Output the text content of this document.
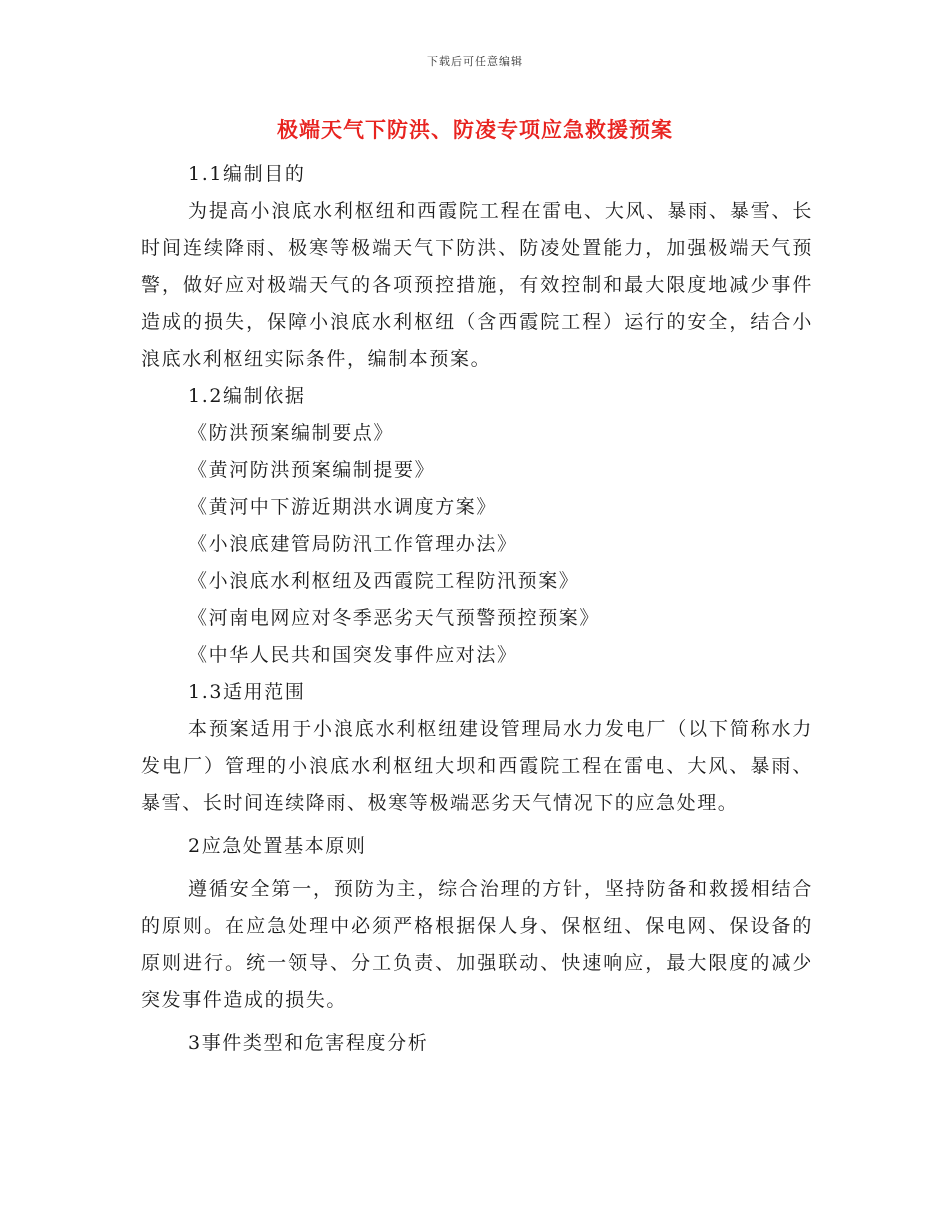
下载后可任意编辑
极端天气下防洪、防凌专项应急救援预案

1.1编制目的

为提高小浪底水利枢纽和西霞院工程在雷电、大风、暴雨、暴雪、长时间连续降雨、极寒等极端天气下防洪、防凌处置能力，加强极端天气预警，做好应对极端天气的各项预控措施，有效控制和最大限度地减少事件造成的损失，保障小浪底水利枢纽（含西霞院工程）运行的安全，结合小浪底水利枢纽实际条件，编制本预案。

1.2编制依据

《防洪预案编制要点》

《黄河防洪预案编制提要》

《黄河中下游近期洪水调度方案》

《小浪底建管局防汛工作管理办法》

《小浪底水利枢纽及西霞院工程防汛预案》

《河南电网应对冬季恶劣天气预警预控预案》

《中华人民共和国突发事件应对法》

1.3适用范围

本预案适用于小浪底水利枢纽建设管理局水力发电厂（以下简称水力发电厂）管理的小浪底水利枢纽大坝和西霞院工程在雷电、大风、暴雨、暴雪、长时间连续降雨、极寒等极端恶劣天气情况下的应急处理。

2应急处置基本原则

遵循安全第一，预防为主，综合治理的方针，坚持防备和救援相结合的原则。在应急处理中必须严格根据保人身、保枢纽、保电网、保设备的原则进行。统一领导、分工负责、加强联动、快速响应，最大限度的减少突发事件造成的损失。

3事件类型和危害程度分析
